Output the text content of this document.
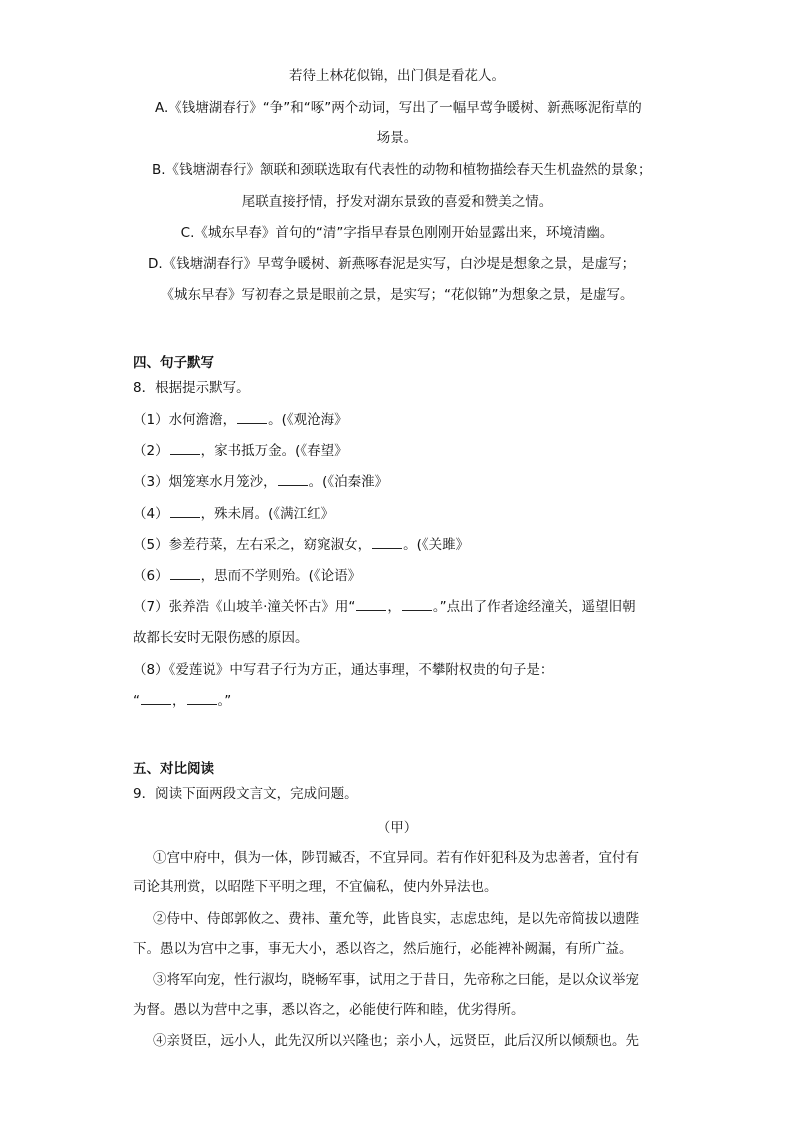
若待上林花似锦，出门俱是看花人。
A.《钱塘湖春行》“争”和“啄”两个动词，写出了一幅早莺争暖树、新燕啄泥衔草的
场景。
B.《钱塘湖春行》颔联和颈联选取有代表性的动物和植物描绘春天生机盎然的景象；
尾联直接抒情，抒发对湖东景致的喜爱和赞美之情。
C.《城东早春》首句的“清”字指早春景色刚刚开始显露出来，环境清幽。
D.《钱塘湖春行》早莺争暖树、新燕啄春泥是实写，白沙堤是想象之景，是虚写；
《城东早春》写初春之景是眼前之景，是实写；“花似锦”为想象之景，是虚写。
四、句子默写
8．根据提示默写。
（1）水何澹澹， 。(《观沧海》
（2） ，家书抵万金。(《春望》
（3）烟笼寒水月笼沙， 。(《泊秦淮》
（4） ，殊未屑。(《满江红》
（5）参差荇菜，左右采之，窈窕淑女， 。(《关雎》
（6） ，思而不学则殆。(《论语》
（7）张养浩《山坡羊·潼关怀古》用“ ， 。”点出了作者途经潼关，遥望旧朝
故都长安时无限伤感的原因。
（8）《爱莲说》中写君子行为方正，通达事理，不攀附权贵的句子是：
“ ， 。”
五、对比阅读
9．阅读下面两段文言文，完成问题。
（甲）
①宫中府中，俱为一体，陟罚臧否，不宜异同。若有作奸犯科及为忠善者，宜付有
司论其刑赏，以昭陛下平明之理，不宜偏私，使内外异法也。
②侍中、侍郎郭攸之、费祎、董允等，此皆良实，志虑忠纯，是以先帝简拔以遗陛
下。愚以为宫中之事，事无大小，悉以咨之，然后施行，必能裨补阙漏，有所广益。
③将军向宠，性行淑均，晓畅军事，试用之于昔日，先帝称之曰能，是以众议举宠
为督。愚以为营中之事，悉以咨之，必能使行阵和睦，优劣得所。
④亲贤臣，远小人，此先汉所以兴隆也；亲小人，远贤臣，此后汉所以倾颓也。先
